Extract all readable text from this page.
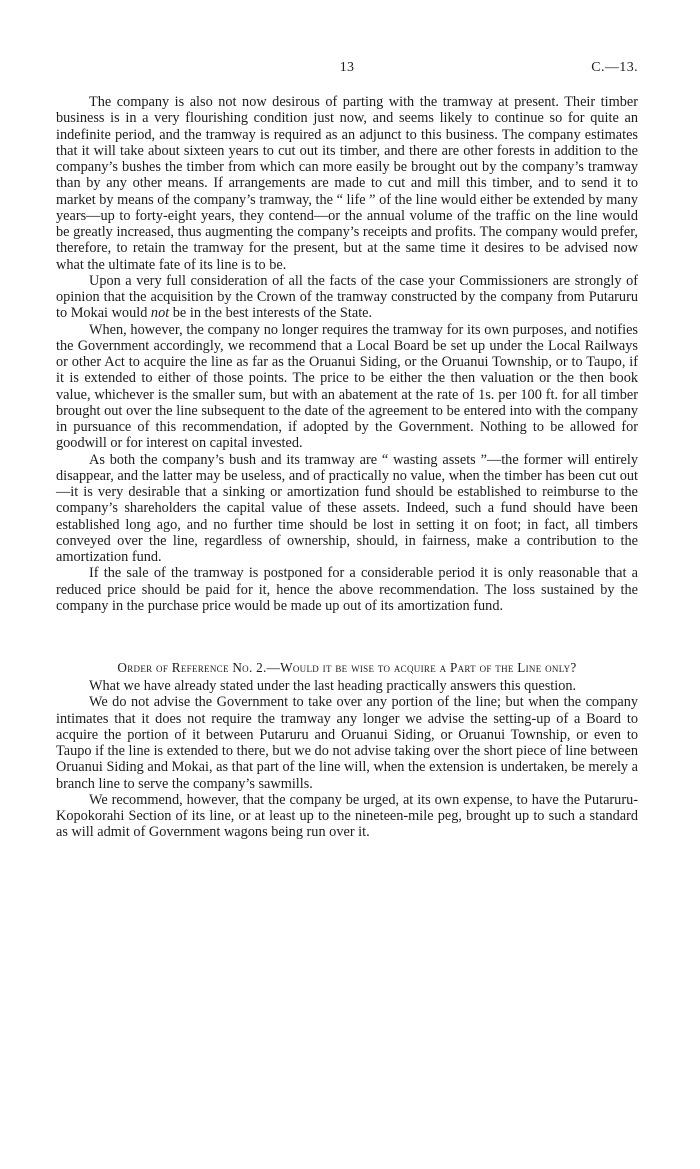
13	C.—13.

The company is also not now desirous of parting with the tramway at present. Their timber business is in a very flourishing condition just now, and seems likely to continue so for quite an indefinite period, and the tramway is required as an adjunct to this business. The company estimates that it will take about sixteen years to cut out its timber, and there are other forests in addition to the company’s bushes the timber from which can more easily be brought out by the company’s tramway than by any other means. If arrangements are made to cut and mill this timber, and to send it to market by means of the company’s tramway, the “ life ” of the line would either be extended by many years—up to forty-eight years, they contend—or the annual volume of the traffic on the line would be greatly increased, thus augmenting the company’s receipts and profits. The company would prefer, therefore, to retain the tramway for the present, but at the same time it desires to be advised now what the ultimate fate of its line is to be.

Upon a very full consideration of all the facts of the case your Commissioners are strongly of opinion that the acquisition by the Crown of the tramway constructed by the company from Putaruru to Mokai would not be in the best interests of the State.

When, however, the company no longer requires the tramway for its own purposes, and notifies the Government accordingly, we recommend that a Local Board be set up under the Local Railways or other Act to acquire the line as far as the Oruanui Siding, or the Oruanui Township, or to Taupo, if it is extended to either of those points. The price to be either the then valuation or the then book value, whichever is the smaller sum, but with an abatement at the rate of 1s. per 100 ft. for all timber brought out over the line subsequent to the date of the agreement to be entered into with the company in pursuance of this recommendation, if adopted by the Government. Nothing to be allowed for goodwill or for interest on capital invested.

As both the company’s bush and its tramway are “ wasting assets ”—the former will entirely disappear, and the latter may be useless, and of practically no value, when the timber has been cut out—it is very desirable that a sinking or amortization fund should be established to reimburse to the company’s shareholders the capital value of these assets. Indeed, such a fund should have been established long ago, and no further time should be lost in setting it on foot; in fact, all timbers conveyed over the line, regardless of ownership, should, in fairness, make a contribution to the amortization fund.

If the sale of the tramway is postponed for a considerable period it is only reasonable that a reduced price should be paid for it, hence the above recommendation. The loss sustained by the company in the purchase price would be made up out of its amortization fund.

Order of Reference No. 2.—Would it be wise to acquire a Part of the Line only?

What we have already stated under the last heading practically answers this question.

We do not advise the Government to take over any portion of the line; but when the company intimates that it does not require the tramway any longer we advise the setting-up of a Board to acquire the portion of it between Putaruru and Oruanui Siding, or Oruanui Township, or even to Taupo if the line is extended to there, but we do not advise taking over the short piece of line between Oruanui Siding and Mokai, as that part of the line will, when the extension is undertaken, be merely a branch line to serve the company’s sawmills.

We recommend, however, that the company be urged, at its own expense, to have the Putaruru-Kopokorahi Section of its line, or at least up to the nineteen-mile peg, brought up to such a standard as will admit of Government wagons being run over it.
